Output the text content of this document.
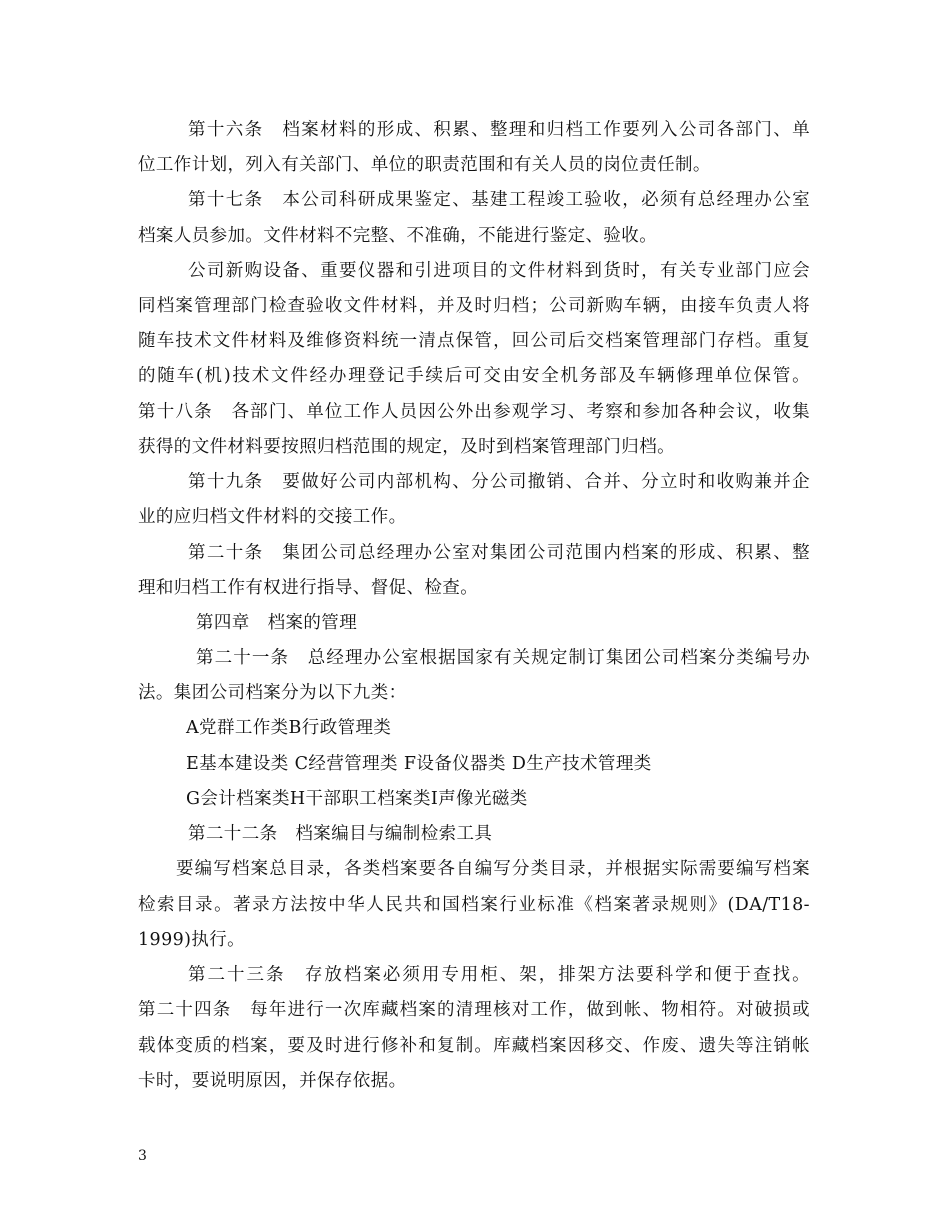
第十六条　档案材料的形成、积累、整理和归档工作要列入公司各部门、单
位工作计划，列入有关部门、单位的职责范围和有关人员的岗位责任制。
第十七条　本公司科研成果鉴定、基建工程竣工验收，必须有总经理办公室
档案人员参加。文件材料不完整、不准确，不能进行鉴定、验收。
公司新购设备、重要仪器和引进项目的文件材料到货时，有关专业部门应会
同档案管理部门检查验收文件材料，并及时归档；公司新购车辆，由接车负责人将
随车技术文件材料及维修资料统一清点保管，回公司后交档案管理部门存档。重复
的随车(机)技术文件经办理登记手续后可交由安全机务部及车辆修理单位保管。
第十八条　各部门、单位工作人员因公外出参观学习、考察和参加各种会议，收集
获得的文件材料要按照归档范围的规定，及时到档案管理部门归档。
第十九条　要做好公司内部机构、分公司撤销、合并、分立时和收购兼并企
业的应归档文件材料的交接工作。
第二十条　集团公司总经理办公室对集团公司范围内档案的形成、积累、整
理和归档工作有权进行指导、督促、检查。
第四章　档案的管理
第二十一条　总经理办公室根据国家有关规定制订集团公司档案分类编号办
法。集团公司档案分为以下九类：
A党群工作类B行政管理类
E基本建设类 C经营管理类 F设备仪器类 D生产技术管理类
G会计档案类H干部职工档案类I声像光磁类
第二十二条　档案编目与编制检索工具
要编写档案总目录，各类档案要各自编写分类目录，并根据实际需要编写档案
检索目录。著录方法按中华人民共和国档案行业标准《档案著录规则》(DA/T18-
1999)执行。
第二十三条　存放档案必须用专用柜、架，排架方法要科学和便于查找。
第二十四条　每年进行一次库藏档案的清理核对工作，做到帐、物相符。对破损或
载体变质的档案，要及时进行修补和复制。库藏档案因移交、作废、遗失等注销帐
卡时，要说明原因，并保存依据。
3
